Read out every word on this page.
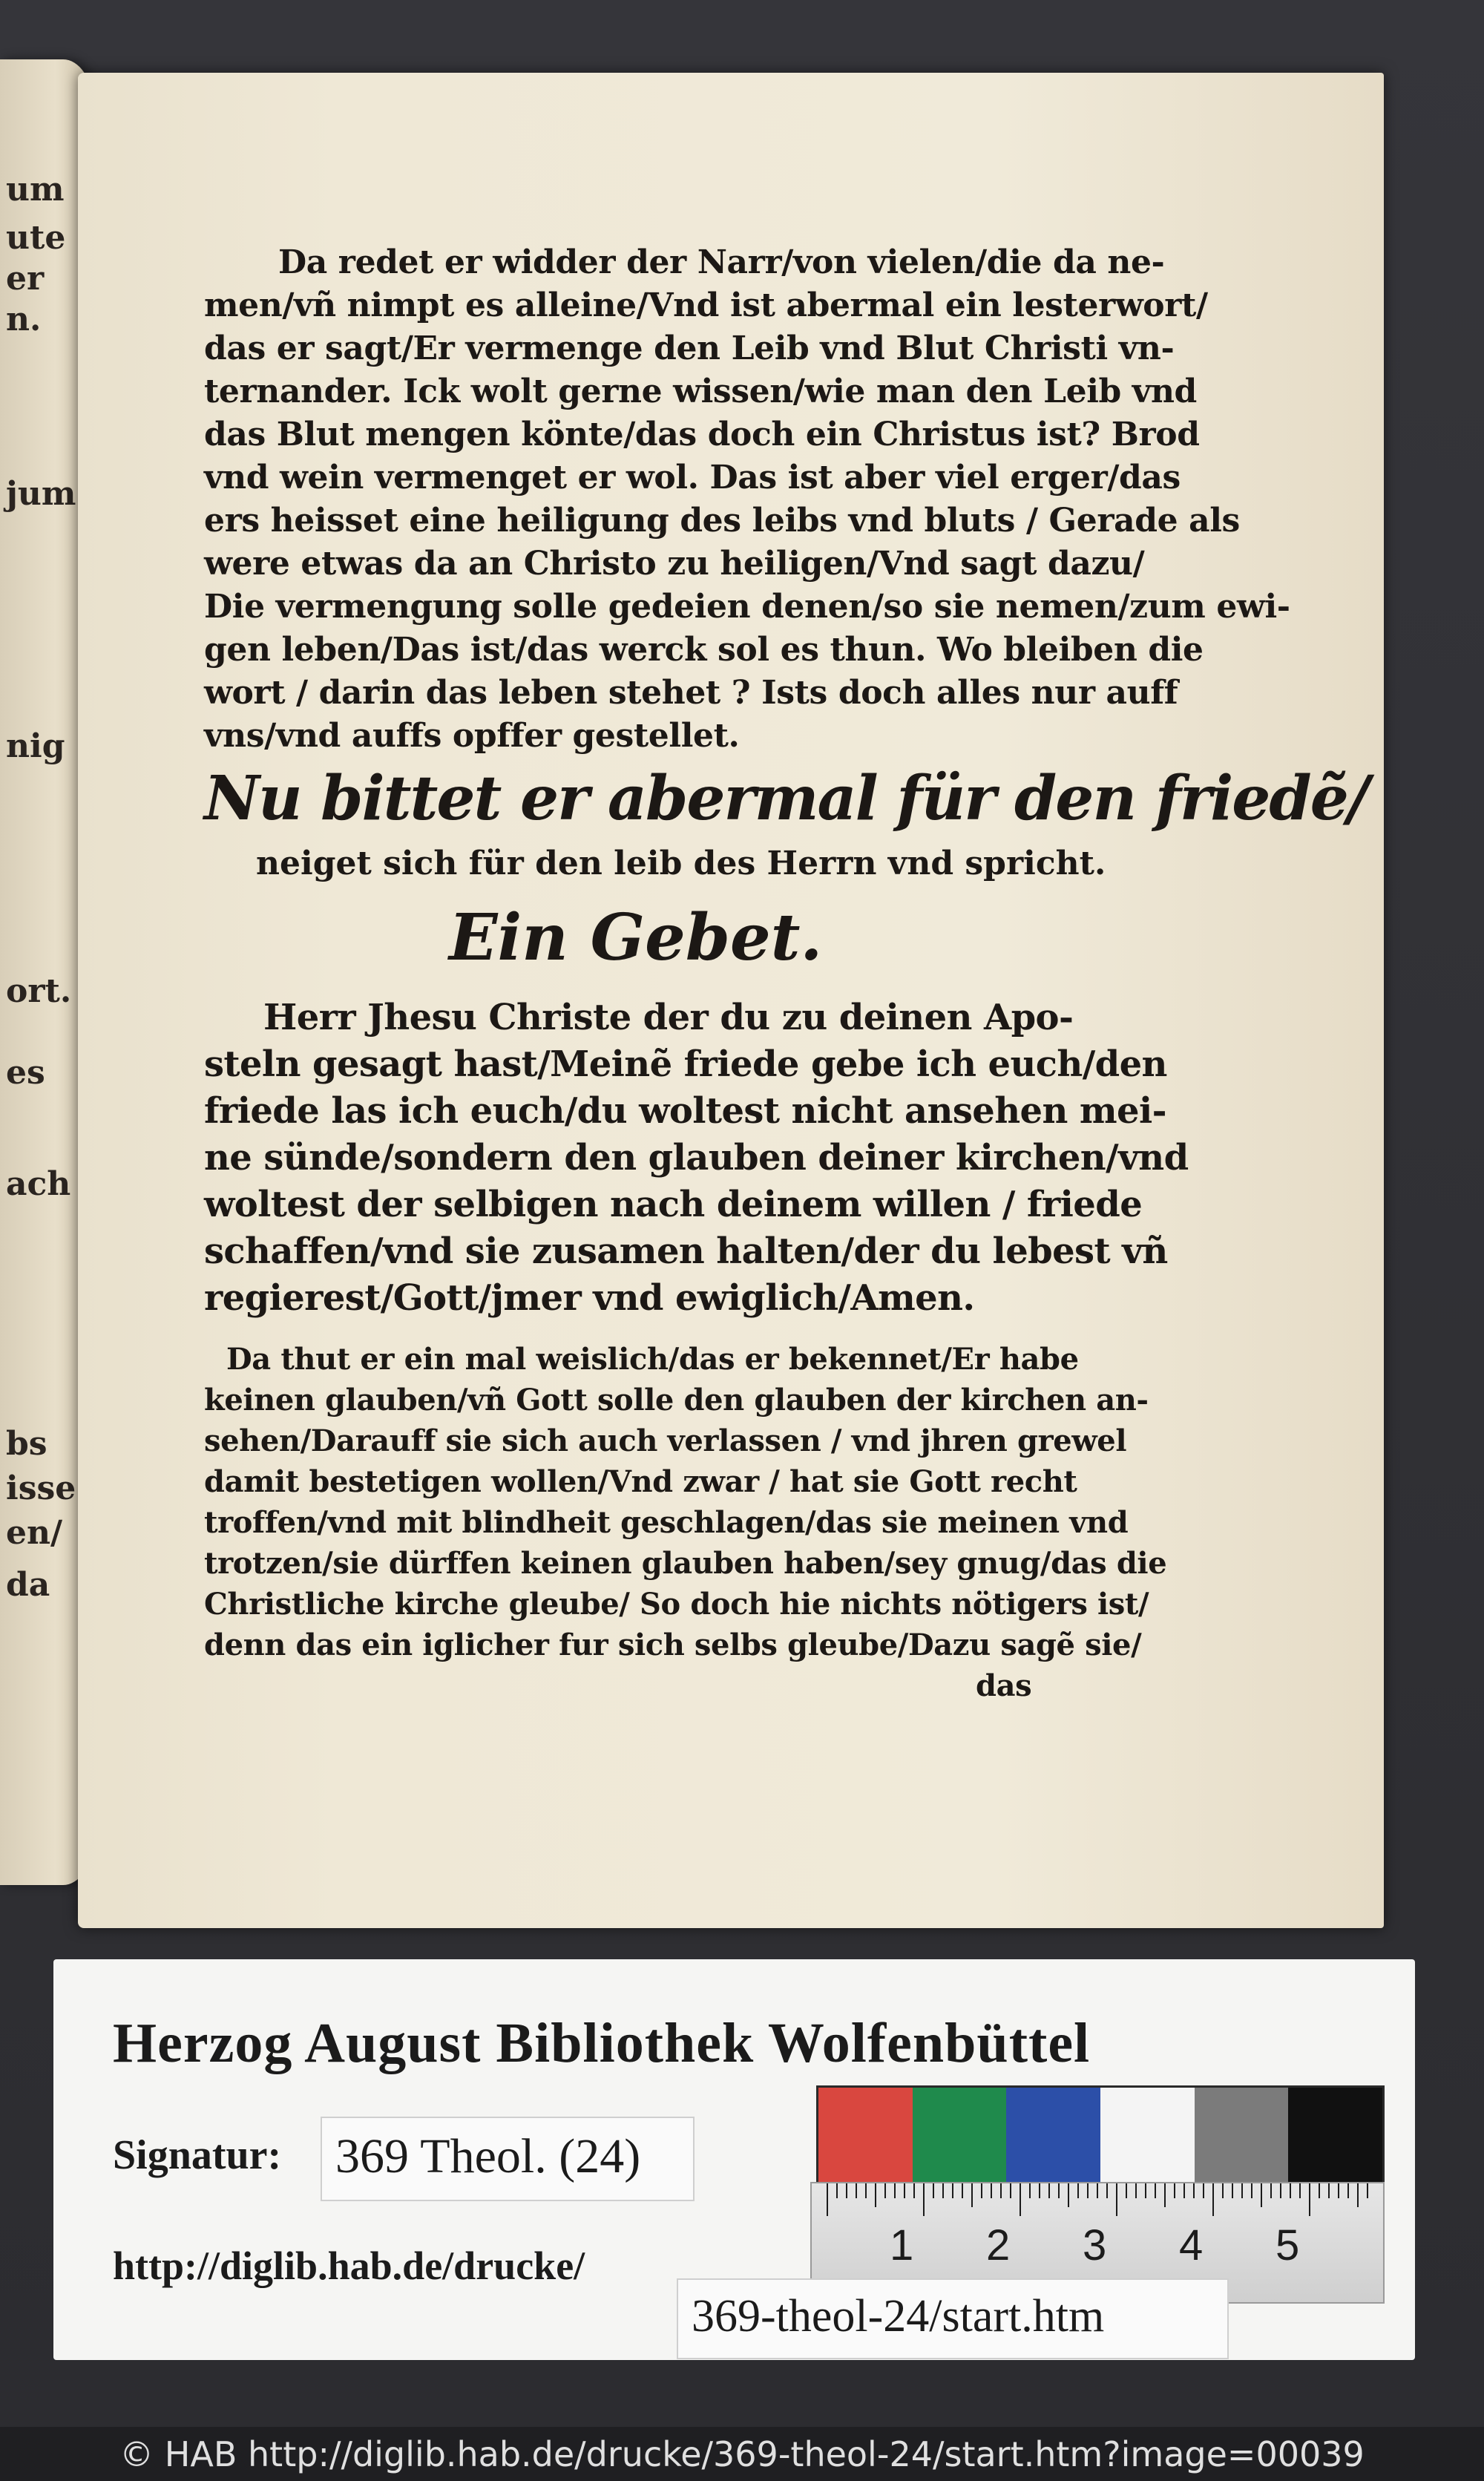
um
ute
er
n.
jum
nig
ort.
es
ach
bs
isse
en/
da
Da redet er widder der Narr/von vielen/die da ne-
men/vñ nimpt es alleine/Vnd ist abermal ein lesterwort/
das er sagt/Er vermenge den Leib vnd Blut Christi vn-
ternander. Ick wolt gerne wissen/wie man den Leib vnd
das Blut mengen könte/das doch ein Christus ist? Brod
vnd wein vermenget er wol. Das ist aber viel erger/das
ers heisset eine heiligung des leibs vnd bluts / Gerade als
were etwas da an Christo zu heiligen/Vnd sagt dazu/
Die vermengung solle gedeien denen/so sie nemen/zum ewi-
gen leben/Das ist/das werck sol es thun. Wo bleiben die
wort / darin das leben stehet ? Ists doch alles nur auff
vns/vnd auffs opffer gestellet.
Nu bittet er abermal für den friedẽ/
neiget sich für den leib des Herrn vnd spricht.
Ein Gebet.
Herr Jhesu Christe der du zu deinen Apo-
steln gesagt hast/Meinẽ friede gebe ich euch/den
friede las ich euch/du woltest nicht ansehen mei-
ne sünde/sondern den glauben deiner kirchen/vnd
woltest der selbigen nach deinem willen / friede
schaffen/vnd sie zusamen halten/der du lebest vñ
regierest/Gott/jmer vnd ewiglich/Amen.
Da thut er ein mal weislich/das er bekennet/Er habe
keinen glauben/vñ Gott solle den glauben der kirchen an-
sehen/Darauff sie sich auch verlassen / vnd jhren grewel
damit bestetigen wollen/Vnd zwar / hat sie Gott recht
troffen/vnd mit blindheit geschlagen/das sie meinen vnd
trotzen/sie dürffen keinen glauben haben/sey gnug/das die
Christliche kirche gleube/ So doch hie nichts nötigers ist/
denn das ein iglicher fur sich selbs gleube/Dazu sagẽ sie/
das
Herzog August Bibliothek Wolfenbüttel
1 2 3 4 5
Signatur: 369 Theol. (24)
http://diglib.hab.de/drucke/
369-theol-24/start.htm
© HAB http://diglib.hab.de/drucke/369-theol-24/start.htm?image=00039
